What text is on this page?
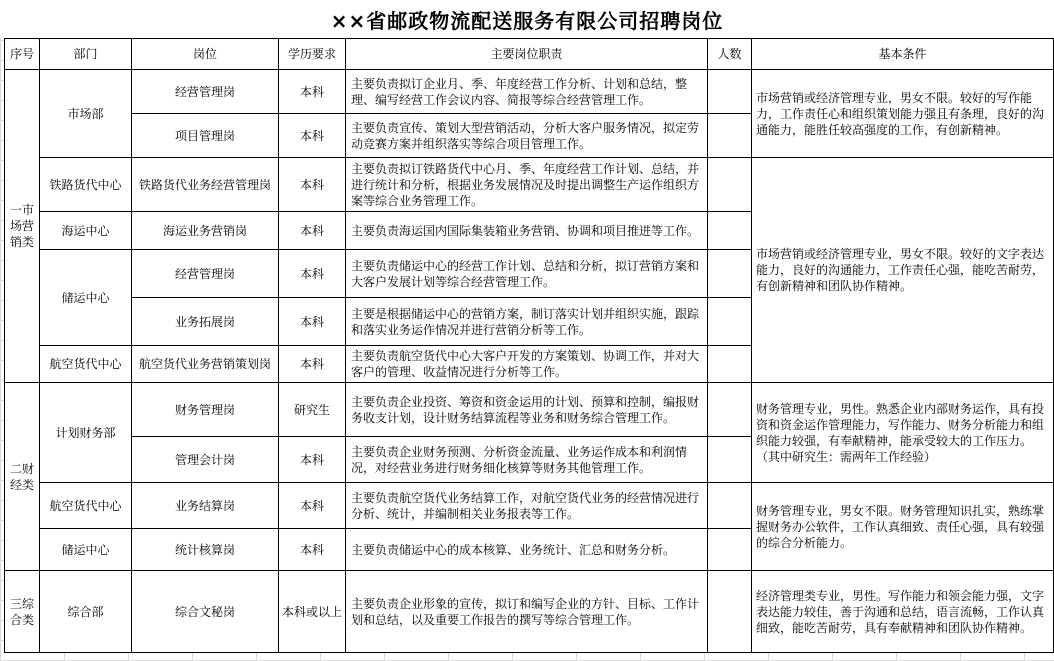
××省邮政物流配送服务有限公司招聘岗位
序号	部门	岗位	学历要求	主要岗位职责	人数	基本条件
一市场营销类	市场部	经营管理岗	本科	主要负责拟订企业月、季、年度经营工作分析、计划和总结，整理、编写经营工作会议内容、简报等综合经营管理工作。		市场营销或经济管理专业，男女不限。较好的写作能力，工作责任心和组织策划能力强且有条理，良好的沟通能力，能胜任较高强度的工作，有创新精神。
		项目管理岗	本科	主要负责宣传、策划大型营销活动，分析大客户服务情况，拟定劳动竞赛方案并组织落实等综合项目管理工作。		
	铁路货代中心	铁路货代业务经营管理岗	本科	主要负责拟订铁路货代中心月、季、年度经营工作计划、总结，并进行统计和分析，根据业务发展情况及时提出调整生产运作组织方案等综合业务管理工作。		市场营销或经济管理专业，男女不限。较好的文字表达能力，良好的沟通能力，工作责任心强，能吃苦耐劳，有创新精神和团队协作精神。
	海运中心	海运业务营销岗	本科	主要负责海运国内国际集装箱业务营销、协调和项目推进等工作。		
	储运中心	经营管理岗	本科	主要负责储运中心的经营工作计划、总结和分析，拟订营销方案和大客户发展计划等综合经营管理工作。		
		业务拓展岗	本科	主要是根据储运中心的营销方案，制订落实计划并组织实施，跟踪和落实业务运作情况并进行营销分析等工作。		
	航空货代中心	航空货代业务营销策划岗	本科	主要负责航空货代中心大客户开发的方案策划、协调工作，并对大客户的管理、收益情况进行分析等工作。		
二财经类	计划财务部	财务管理岗	研究生	主要负责企业投资、筹资和资金运用的计划、预算和控制，编报财务收支计划，设计财务结算流程等业务和财务综合管理工作。		财务管理专业，男性。熟悉企业内部财务运作，具有投资和资金运作管理能力，写作能力、财务分析能力和组织能力较强，有奉献精神，能承受较大的工作压力。（其中研究生：需两年工作经验）
		管理会计岗	本科	主要负责企业财务预测、分析资金流量、业务运作成本和利润情况，对经营业务进行财务细化核算等财务其他管理工作。		
	航空货代中心	业务结算岗	本科	主要负责航空货代业务结算工作，对航空货代业务的经营情况进行分析、统计，并编制相关业务报表等工作。		财务管理专业，男女不限。财务管理知识扎实，熟练掌握财务办公软件，工作认真细致、责任心强，具有较强的综合分析能力。
	储运中心	统计核算岗	本科	主要负责储运中心的成本核算、业务统计、汇总和财务分析。		
三综合类	综合部	综合文秘岗	本科或以上	主要负责企业形象的宣传，拟订和编写企业的方针、目标、工作计划和总结，以及重要工作报告的撰写等综合管理工作。		经济管理类专业，男性。写作能力和领会能力强，文字表达能力较佳，善于沟通和总结，语言流畅，工作认真细致，能吃苦耐劳，具有奉献精神和团队协作精神。
